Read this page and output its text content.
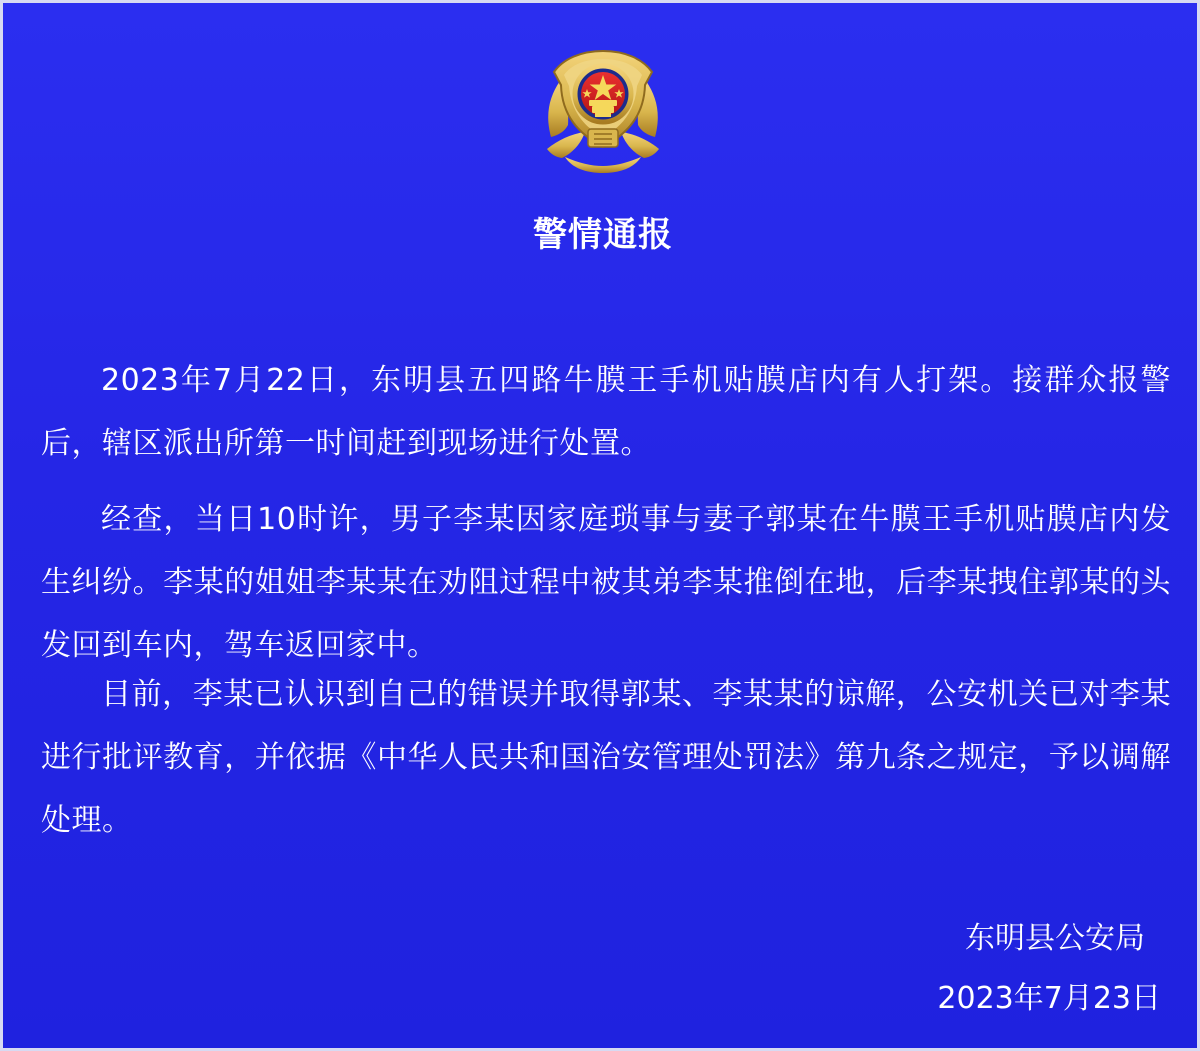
警情通报

2023年7月22日，东明县五四路牛膜王手机贴膜店内有人打架。接群众报警后，辖区派出所第一时间赶到现场进行处置。

经查，当日10时许，男子李某因家庭琐事与妻子郭某在牛膜王手机贴膜店内发生纠纷。李某的姐姐李某某在劝阻过程中被其弟李某推倒在地，后李某拽住郭某的头发回到车内，驾车返回家中。

目前，李某已认识到自己的错误并取得郭某、李某某的谅解，公安机关已对李某进行批评教育，并依据《中华人民共和国治安管理处罚法》第九条之规定，予以调解处理。

东明县公安局
2023年7月23日
